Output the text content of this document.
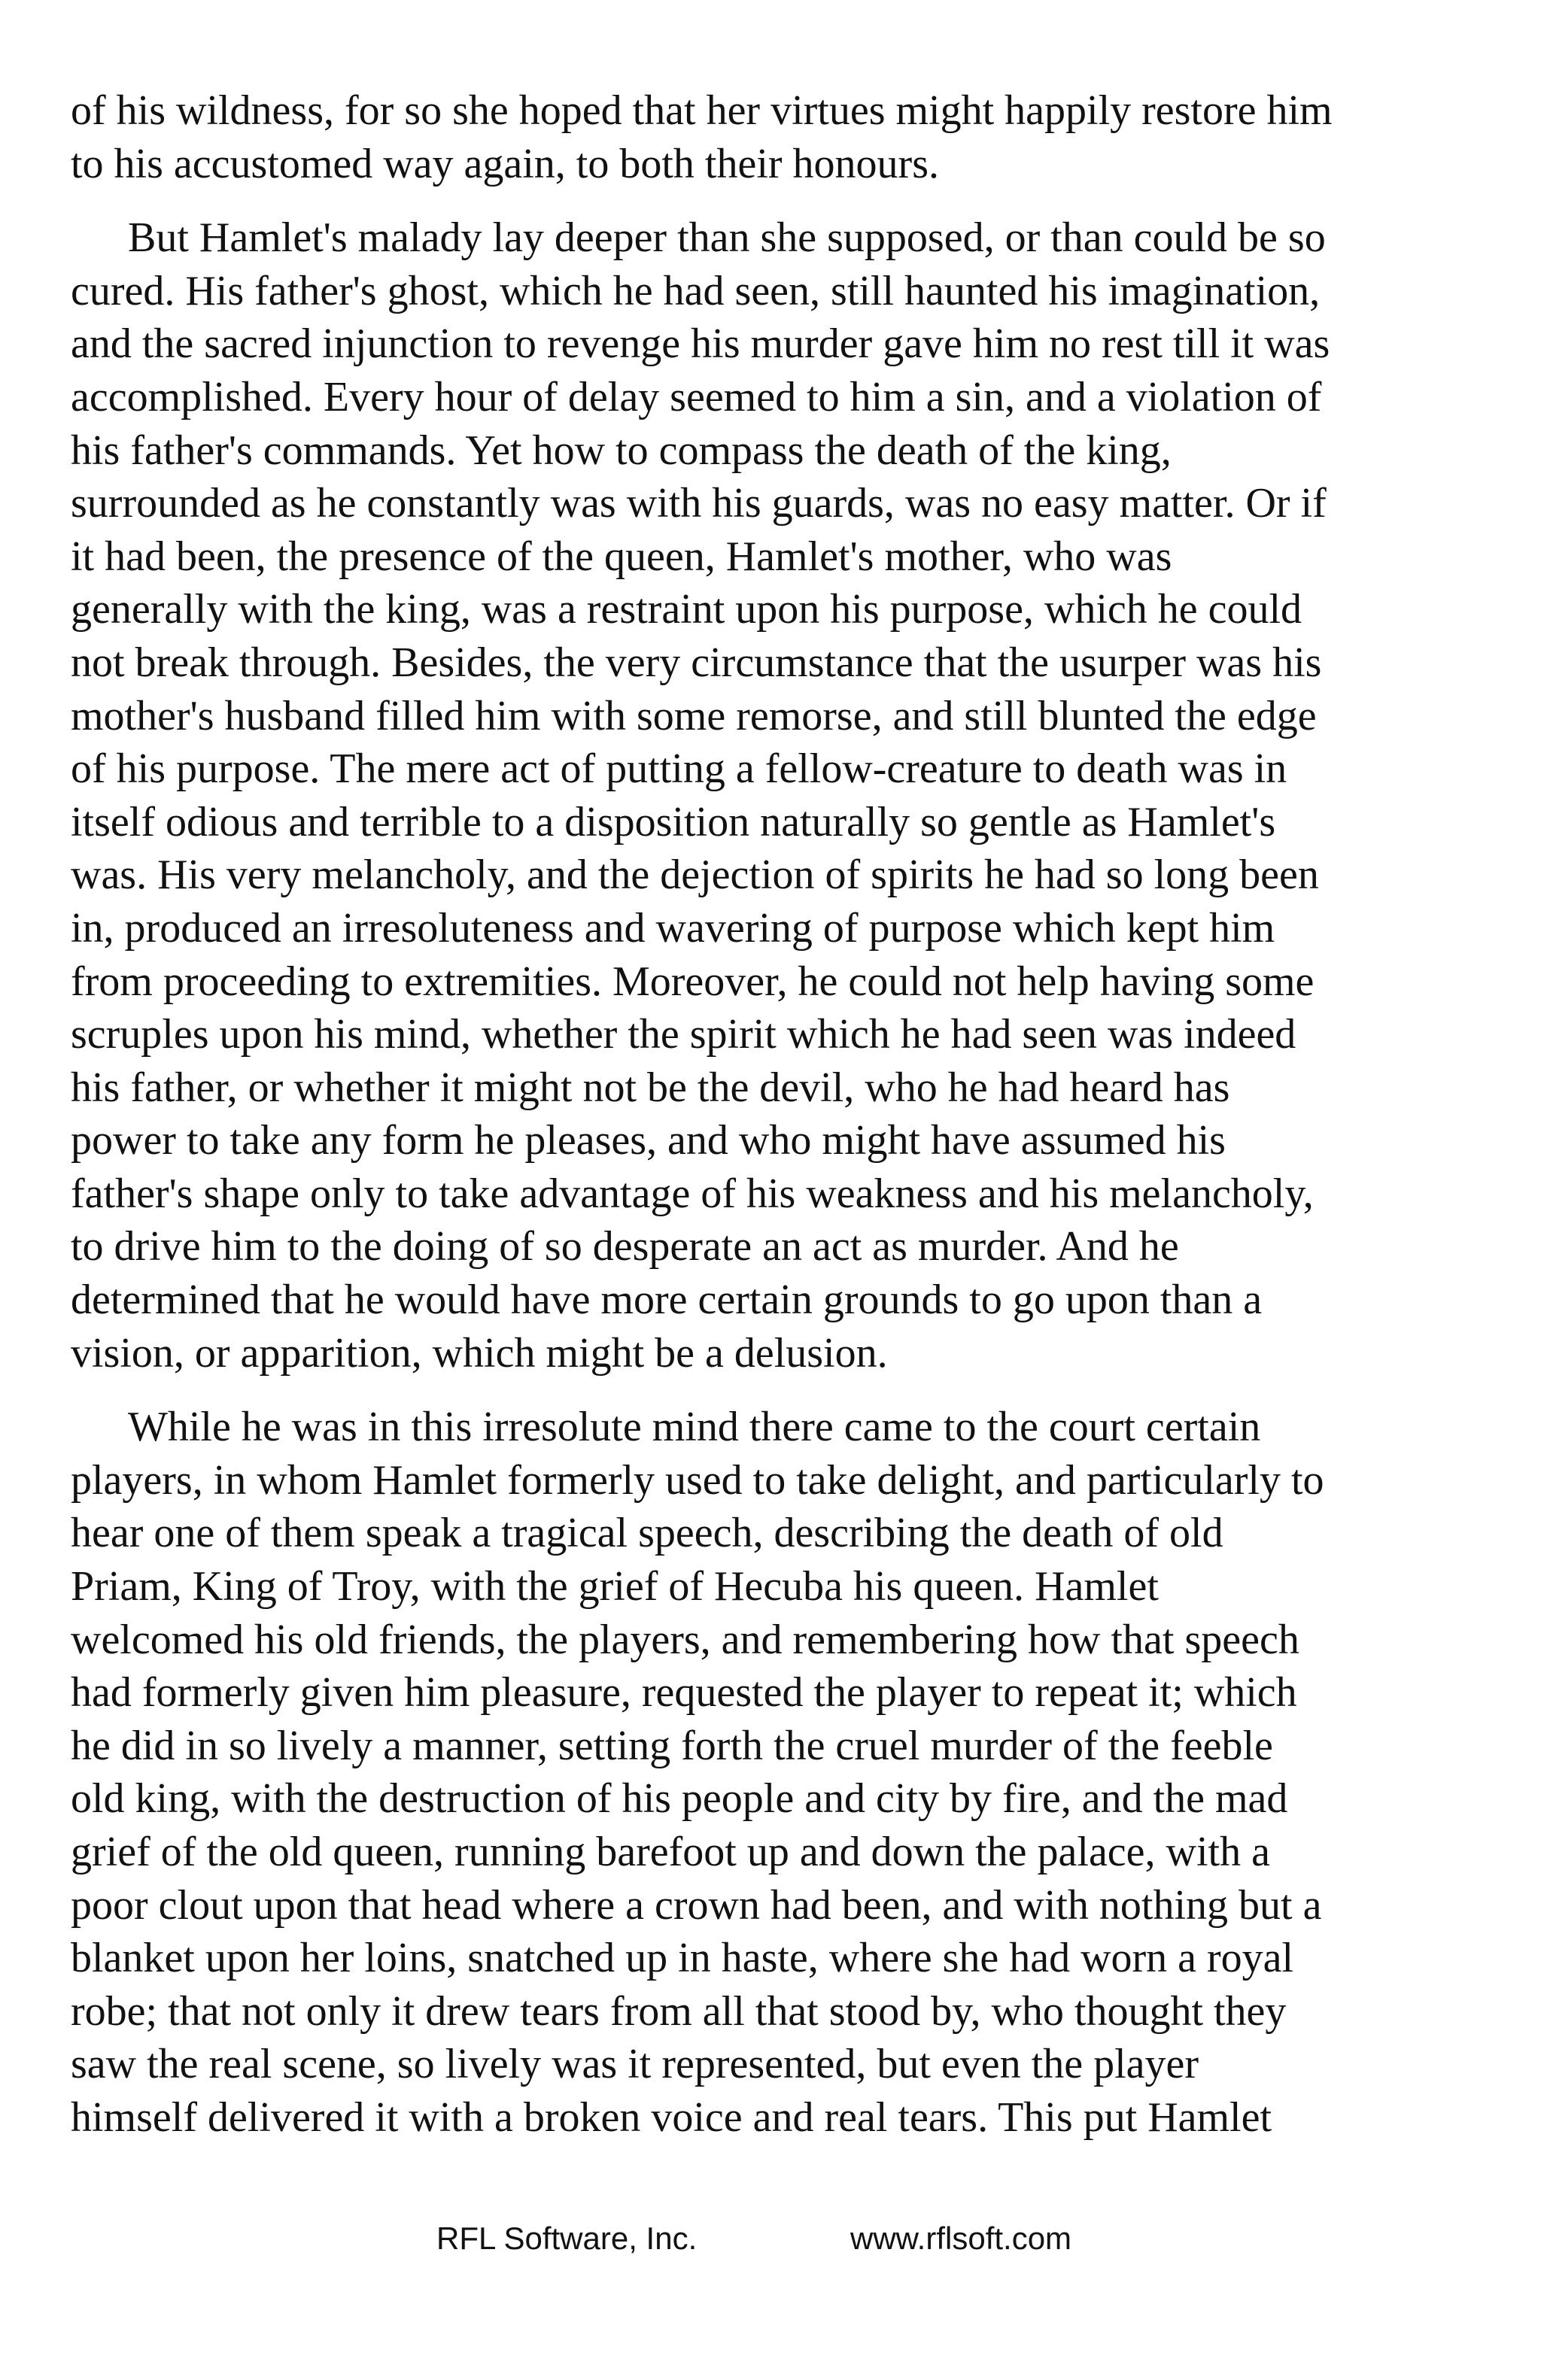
of his wildness, for so she hoped that her virtues might happily restore him
to his accustomed way again, to both their honours.
But Hamlet's malady lay deeper than she supposed, or than could be so
cured. His father's ghost, which he had seen, still haunted his imagination,
and the sacred injunction to revenge his murder gave him no rest till it was
accomplished. Every hour of delay seemed to him a sin, and a violation of
his father's commands. Yet how to compass the death of the king,
surrounded as he constantly was with his guards, was no easy matter. Or if
it had been, the presence of the queen, Hamlet's mother, who was
generally with the king, was a restraint upon his purpose, which he could
not break through. Besides, the very circumstance that the usurper was his
mother's husband filled him with some remorse, and still blunted the edge
of his purpose. The mere act of putting a fellow-creature to death was in
itself odious and terrible to a disposition naturally so gentle as Hamlet's
was. His very melancholy, and the dejection of spirits he had so long been
in, produced an irresoluteness and wavering of purpose which kept him
from proceeding to extremities. Moreover, he could not help having some
scruples upon his mind, whether the spirit which he had seen was indeed
his father, or whether it might not be the devil, who he had heard has
power to take any form he pleases, and who might have assumed his
father's shape only to take advantage of his weakness and his melancholy,
to drive him to the doing of so desperate an act as murder. And he
determined that he would have more certain grounds to go upon than a
vision, or apparition, which might be a delusion.
While he was in this irresolute mind there came to the court certain
players, in whom Hamlet formerly used to take delight, and particularly to
hear one of them speak a tragical speech, describing the death of old
Priam, King of Troy, with the grief of Hecuba his queen. Hamlet
welcomed his old friends, the players, and remembering how that speech
had formerly given him pleasure, requested the player to repeat it; which
he did in so lively a manner, setting forth the cruel murder of the feeble
old king, with the destruction of his people and city by fire, and the mad
grief of the old queen, running barefoot up and down the palace, with a
poor clout upon that head where a crown had been, and with nothing but a
blanket upon her loins, snatched up in haste, where she had worn a royal
robe; that not only it drew tears from all that stood by, who thought they
saw the real scene, so lively was it represented, but even the player
himself delivered it with a broken voice and real tears. This put Hamlet
RFL Software, Inc.	www.rflsoft.com
